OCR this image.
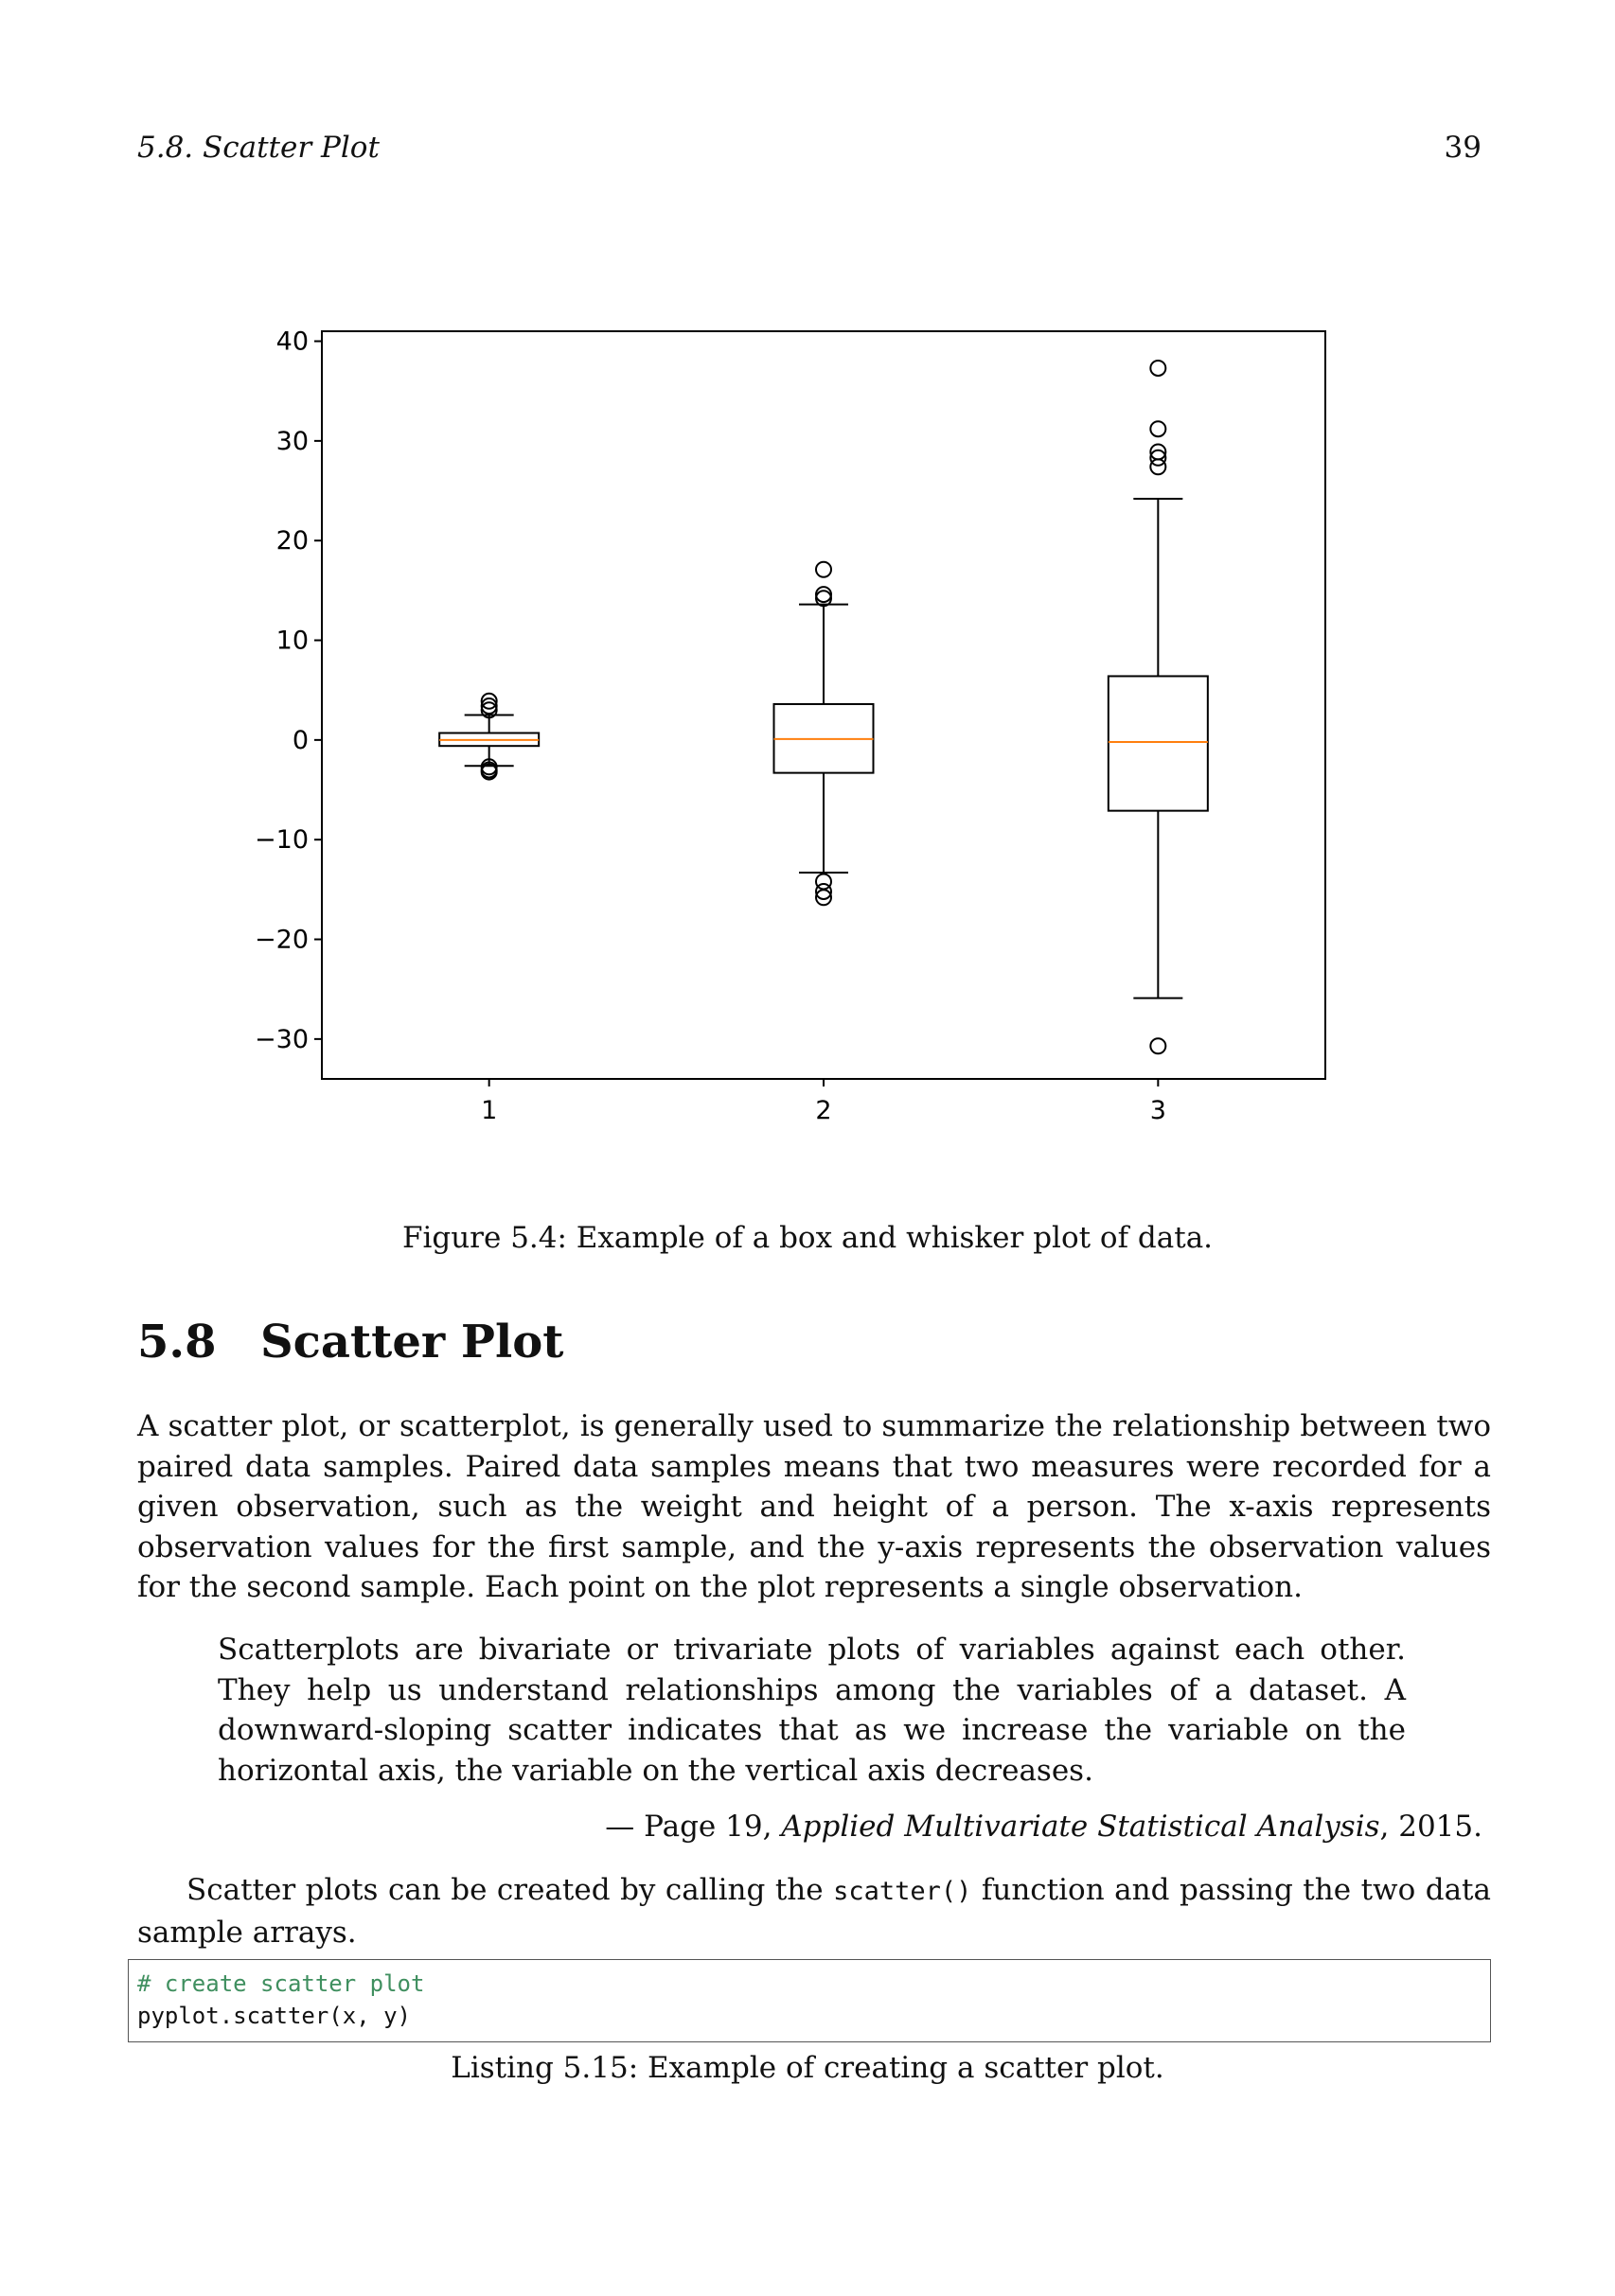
5.8. Scatter Plot	39
40
30
20
10
0
−10
−20
−30
1	2	3
Figure 5.4: Example of a box and whisker plot of data.
5.8 Scatter Plot

A scatter plot, or scatterplot, is generally used to summarize the relationship between two paired data samples. Paired data samples means that two measures were recorded for a given observation, such as the weight and height of a person. The x-axis represents observation values for the first sample, and the y-axis represents the observation values for the second sample. Each point on the plot represents a single observation.

Scatterplots are bivariate or trivariate plots of variables against each other. They help us understand relationships among the variables of a dataset. A downward-sloping scatter indicates that as we increase the variable on the horizontal axis, the variable on the vertical axis decreases.

— Page 19, Applied Multivariate Statistical Analysis, 2015.

Scatter plots can be created by calling the scatter() function and passing the two data sample arrays.

# create scatter plot
pyplot.scatter(x, y)
Listing 5.15: Example of creating a scatter plot.
